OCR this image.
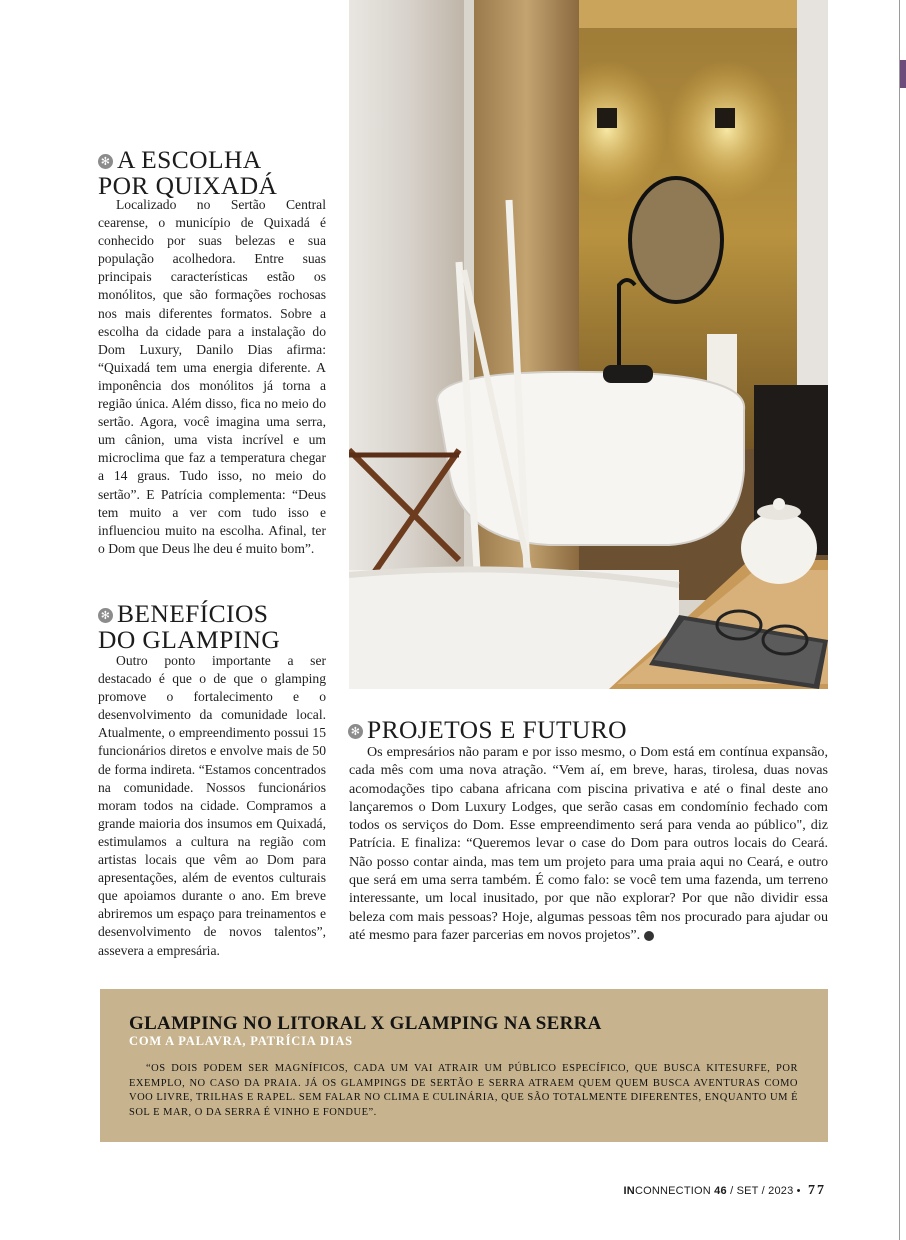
✻ A ESCOLHA
POR QUIXADÁ

Localizado no Sertão Central cearense, o município de Quixadá é conhecido por suas belezas e sua população acolhedora. Entre suas principais características estão os monólitos, que são formações rochosas nos mais diferentes formatos. Sobre a escolha da cidade para a instalação do Dom Luxury, Danilo Dias afirma: “Quixadá tem uma energia diferente. A imponência dos monólitos já torna a região única. Além disso, fica no meio do sertão. Agora, você imagina uma serra, um cânion, uma vista incrível e um microclima que faz a temperatura chegar a 14 graus. Tudo isso, no meio do sertão”. E Patrícia complementa: “Deus tem muito a ver com tudo isso e influenciou muito na escolha. Afinal, ter o Dom que Deus lhe deu é muito bom”.

✻ BENEFÍCIOS
DO GLAMPING

Outro ponto importante a ser destacado é que o de que o glamping promove o fortalecimento e o desenvolvimento da comunidade local. Atualmente, o empreendimento possui 15 funcionários diretos e envolve mais de 50 de forma indireta. “Estamos concentrados na comunidade. Nossos funcionários moram todos na cidade. Compramos a grande maioria dos insumos em Quixadá, estimulamos a cultura na região com artistas locais que vêm ao Dom para apresentações, além de eventos culturais que apoiamos durante o ano. Em breve abriremos um espaço para treinamentos e desenvolvimento de novos talentos”, assevera a empresária.

✻ PROJETOS E FUTURO

Os empresários não param e por isso mesmo, o Dom está em contínua expansão, cada mês com uma nova atração. “Vem aí, em breve, haras, tirolesa, duas novas acomodações tipo cabana africana com piscina privativa e até o final deste ano lançaremos o Dom Luxury Lodges, que serão casas em condomínio fechado com todos os serviços do Dom. Esse empreendimento será para venda ao público", diz Patrícia. E finaliza: “Queremos levar o case do Dom para outros locais do Ceará. Não posso contar ainda, mas tem um projeto para uma praia aqui no Ceará, e outro que será em uma serra também. É como falo: se você tem uma fazenda, um terreno interessante, um local inusitado, por que não explorar? Por que não dividir essa beleza com mais pessoas? Hoje, algumas pessoas têm nos procurado para ajudar ou até mesmo para fazer parcerias em novos projetos”.	✻

GLAMPING NO LITORAL X GLAMPING NA SERRA
COM A PALAVRA, PATRÍCIA DIAS

“OS DOIS PODEM SER MAGNÍFICOS, CADA UM VAI ATRAIR UM PÚBLICO ESPECÍFICO, QUE BUSCA KITESURFE, POR EXEMPLO, NO CASO DA PRAIA. JÁ OS GLAMPINGS DE SERTÃO E SERRA ATRAEM QUEM QUEM BUSCA AVENTURAS COMO VOO LIVRE, TRILHAS E RAPEL. SEM FALAR NO CLIMA E CULINÁRIA, QUE SÃO TOTALMENTE DIFERENTES, ENQUANTO UM É SOL E MAR, O DA SERRA É VINHO E FONDUE”.

INCONNECTION 46 / SET / 2023 • 77
